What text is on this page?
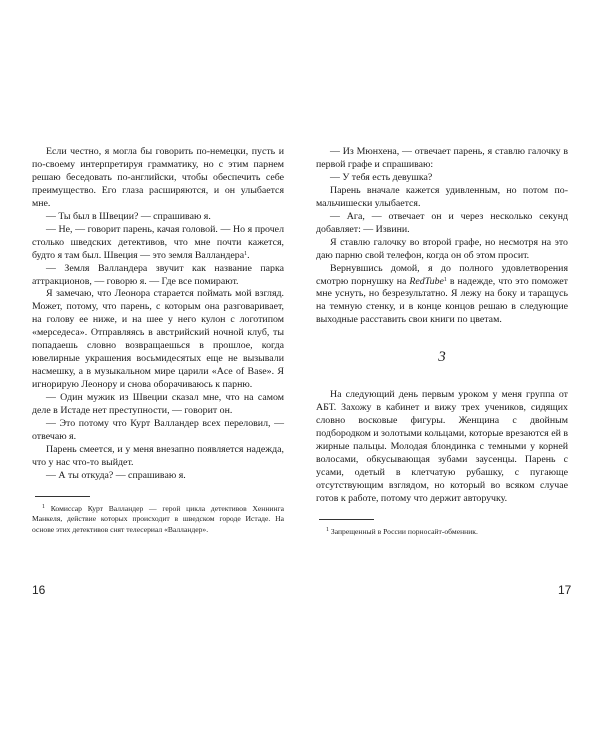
Если честно, я могла бы говорить по-немецки, пусть и по-своему интерпретируя грамматику, но с этим парнем решаю беседовать по-английски, чтобы обеспечить себе преимущество. Его глаза расширяются, и он улыбается мне.

— Ты был в Швеции? — спрашиваю я.

— Не, — говорит парень, качая головой. — Но я прочел столько шведских детективов, что мне почти кажется, будто я там был. Швеция — это земля Валландера$^1$.

— Земля Валландера звучит как название парка аттракционов, — говорю я. — Где все помирают.

Я замечаю, что Леонора старается поймать мой взгляд. Может, потому, что парень, с которым она разговаривает, на голову ее ниже, и на шее у него кулон с логотипом «мерседеса». Отправляясь в австрийский ночной клуб, ты попадаешь словно возвращаешься в прошлое, когда ювелирные украшения восьмидесятых еще не вызывали насмешку, а в музыкальном мире царили «Ace of Base». Я игнорирую Леонору и снова оборачиваюсь к парню.

— Один мужик из Швеции сказал мне, что на самом деле в Истаде нет преступности, — говорит он.

— Это потому что Курт Валландер всех переловил, — отвечаю я.

Парень смеется, и у меня внезапно появляется надежда, что у нас что-то выйдет.

— А ты откуда? — спрашиваю я.

$^1$ Комиссар Курт Валландер — герой цикла детективов Хеннинга Манкеля, действие которых происходит в шведском городе Истаде. На основе этих детективов снят телесериал «Валландер».

— Из Мюнхена, — отвечает парень, я ставлю галочку в первой графе и спрашиваю:

— У тебя есть девушка?

Парень вначале кажется удивленным, но потом по-мальчишески улыбается.

— Ага, — отвечает он и через несколько секунд добавляет: — Извини.

Я ставлю галочку во второй графе, но несмотря на это даю парню свой телефон, когда он об этом просит.

Вернувшись домой, я до полного удовлетворения смотрю порнушку на RedTube$^1$ в надежде, что это поможет мне уснуть, но безрезультатно. Я лежу на боку и таращусь на темную стенку, и в конце концов решаю в следующие выходные расставить свои книги по цветам.

3

На следующий день первым уроком у меня группа от АБТ. Захожу в кабинет и вижу трех учеников, сидящих словно восковые фигуры. Женщина с двойным подбородком и золотыми кольцами, которые врезаются ей в жирные пальцы. Молодая блондинка с темными у корней волосами, обкусывающая зубами заусенцы. Парень с усами, одетый в клетчатую рубашку, с пугающе отсутствующим взглядом, но который во всяком случае готов к работе, потому что держит авторучку.

$^1$ Запрещенный в России порносайт-обменник.

16	17
